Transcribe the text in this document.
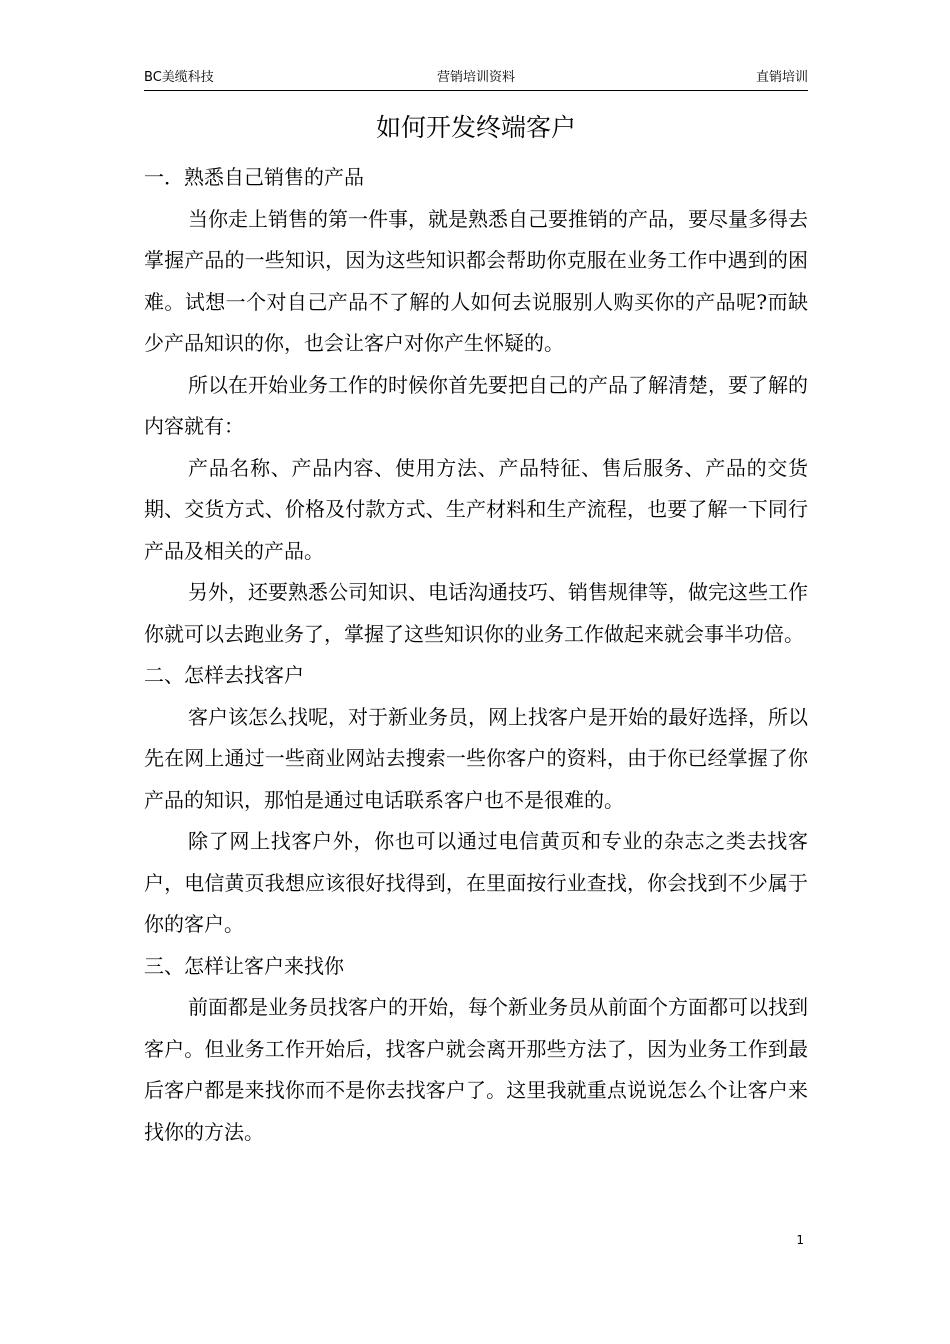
BC美缆科技	营销培训资料	直销培训
如何开发终端客户

一．熟悉自己销售的产品

当你走上销售的第一件事，就是熟悉自己要推销的产品，要尽量多得去掌握产品的一些知识，因为这些知识都会帮助你克服在业务工作中遇到的困难。试想一个对自己产品不了解的人如何去说服别人购买你的产品呢?而缺少产品知识的你，也会让客户对你产生怀疑的。

所以在开始业务工作的时候你首先要把自己的产品了解清楚，要了解的内容就有：

产品名称、产品内容、使用方法、产品特征、售后服务、产品的交货期、交货方式、价格及付款方式、生产材料和生产流程，也要了解一下同行产品及相关的产品。

另外，还要熟悉公司知识、电话沟通技巧、销售规律等，做完这些工作你就可以去跑业务了，掌握了这些知识你的业务工作做起来就会事半功倍。

二、怎样去找客户

客户该怎么找呢，对于新业务员，网上找客户是开始的最好选择，所以先在网上通过一些商业网站去搜索一些你客户的资料，由于你已经掌握了你产品的知识，那怕是通过电话联系客户也不是很难的。

除了网上找客户外，你也可以通过电信黄页和专业的杂志之类去找客户，电信黄页我想应该很好找得到，在里面按行业查找，你会找到不少属于你的客户。

三、怎样让客户来找你

前面都是业务员找客户的开始，每个新业务员从前面个方面都可以找到客户。但业务工作开始后，找客户就会离开那些方法了，因为业务工作到最后客户都是来找你而不是你去找客户了。这里我就重点说说怎么个让客户来找你的方法。

1
